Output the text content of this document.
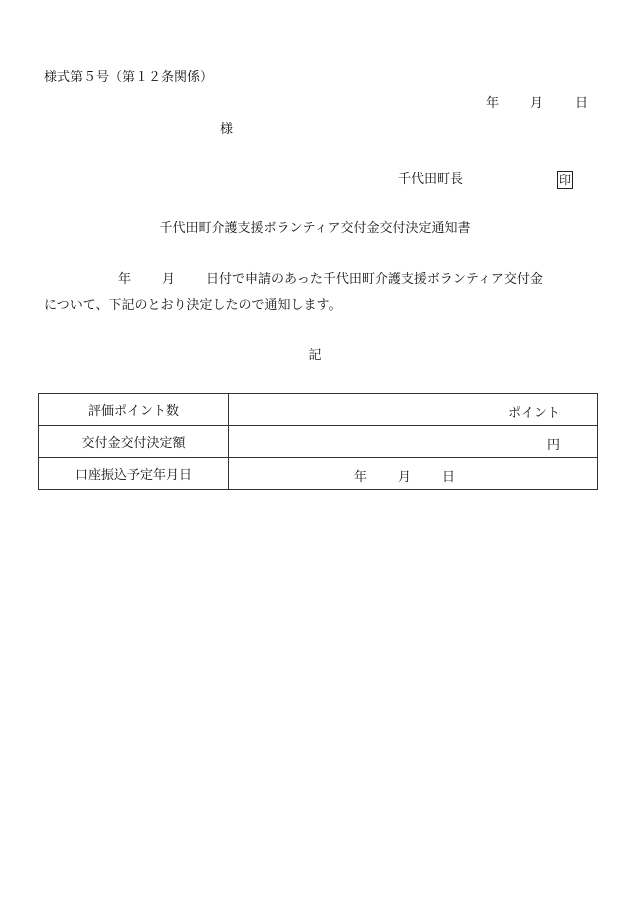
様式第５号（第１２条関係）
年 月 日
様
千代田町長	印
千代田町介護支援ボランティア交付金交付決定通知書
年 月 日付で申請のあった千代田町介護支援ボランティア交付金
について、下記のとおり決定したので通知します。
記
評価ポイント数	ポイント

交付金交付決定額	円

口座振込予定年月日	年 月 日
